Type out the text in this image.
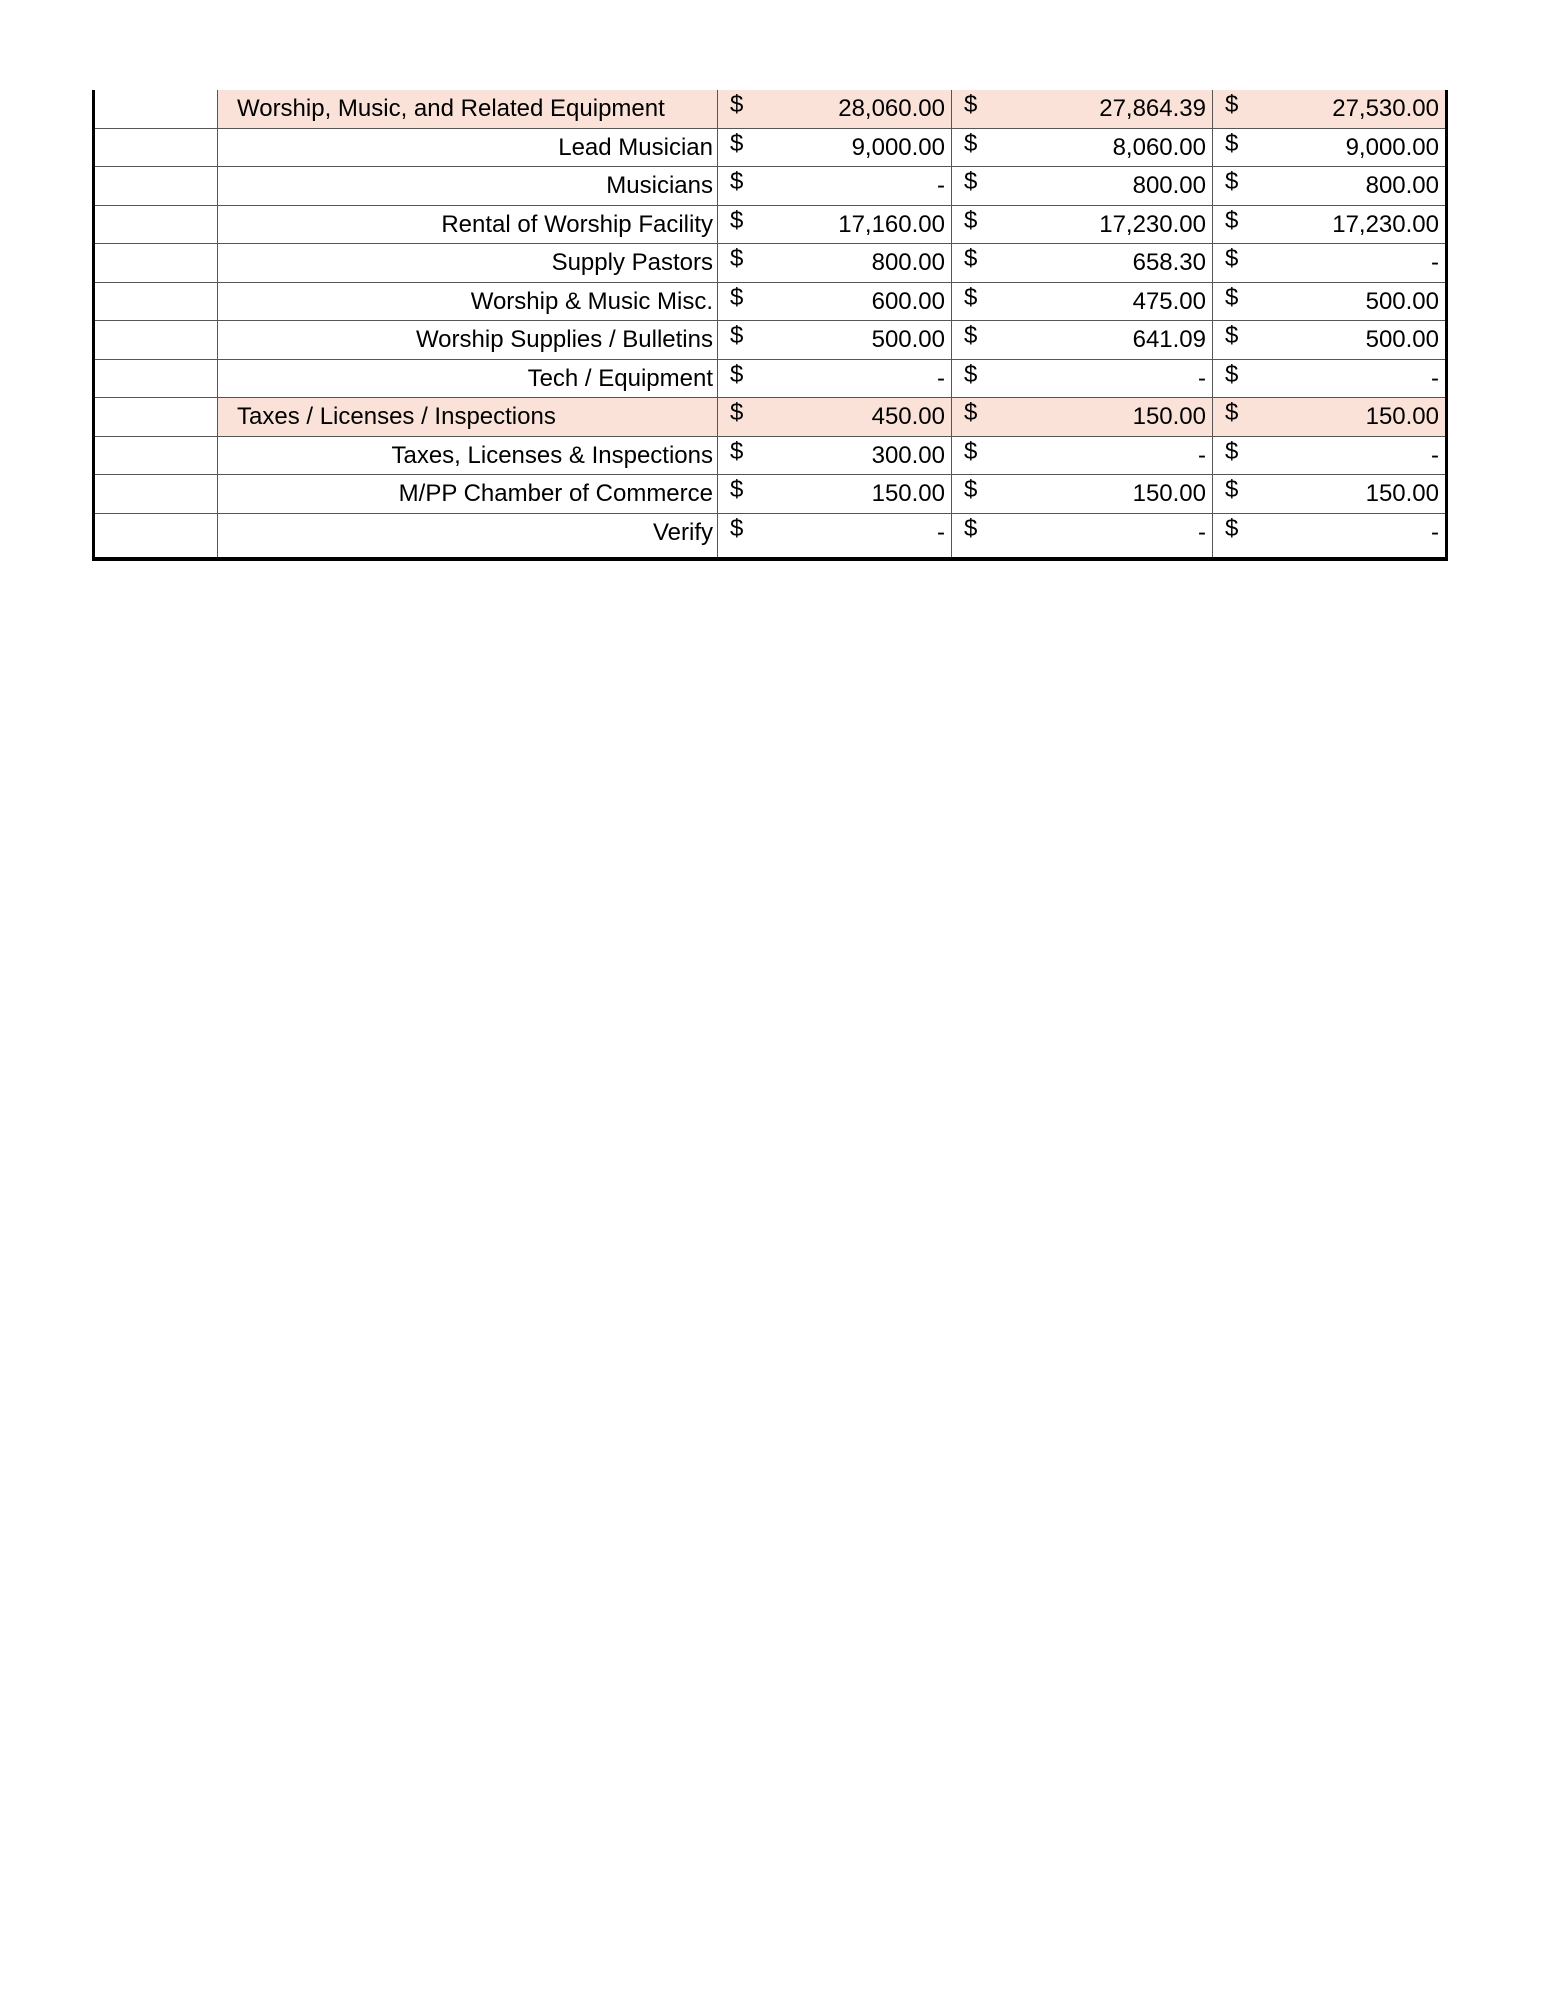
Worship, Music, and Related Equipment	$	28,060.00 $	27,864.39 $	27,530.00
Lead Musician $	9,000.00 $	8,060.00 $	9,000.00
Musicians $	- $	800.00 $	800.00
Rental of Worship Facility $	17,160.00 $	17,230.00 $	17,230.00
Supply Pastors $	800.00 $	658.30 $	-
Worship & Music Misc. $	600.00 $	475.00 $	500.00
Worship Supplies / Bulletins $	500.00 $	641.09 $	500.00
Tech / Equipment $	- $	- $	-
Taxes / Licenses / Inspections	$	450.00 $	150.00 $	150.00
Taxes, Licenses & Inspections $	300.00 $	- $	-
M/PP Chamber of Commerce $	150.00 $	150.00 $	150.00
Verify $	- $	- $	-
